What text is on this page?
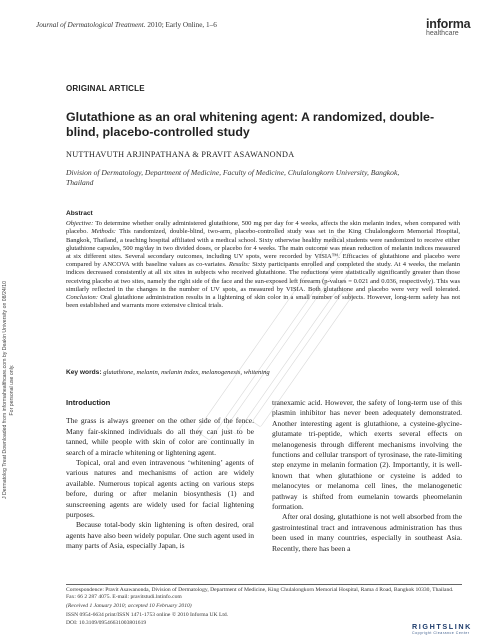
Journal of Dermatological Treatment. 2010; Early Online, 1–6	informa
healthcare
J Dermatolog Treat Downloaded from informahealthcare.com by Deakin University on 08/24/10 For personal use only.
ORIGINAL ARTICLE
Glutathione as an oral whitening agent: A randomized, double-blind, placebo-controlled study
NUTTHAVUTH ARJINPATHANA & PRAVIT ASAWANONDA
Division of Dermatology, Department of Medicine, Faculty of Medicine, Chulalongkorn University, Bangkok, Thailand
Abstract
Objective: To determine whether orally administered glutathione, 500 mg per day for 4 weeks, affects the skin melanin index, when compared with placebo. Methods: This randomized, double-blind, two-arm, placebo-controlled study was set in the King Chulalongkorn Memorial Hospital, Bangkok, Thailand, a teaching hospital affiliated with a medical school. Sixty otherwise healthy medical students were randomized to receive either glutathione capsules, 500 mg/day in two divided doses, or placebo for 4 weeks. The main outcome was mean reduction of melanin indices measured at six different sites. Several secondary outcomes, including UV spots, were recorded by VISIA™. Efficacies of glutathione and placebo were compared by ANCOVA with baseline values as co-variates. Results: Sixty participants enrolled and completed the study. At 4 weeks, the melanin indices decreased consistently at all six sites in subjects who received glutathione. The reductions were statistically significantly greater than those receiving placebo at two sites, namely the right side of the face and the sun-exposed left forearm (p-values = 0.021 and 0.036, respectively). This was similarly reflected in the changes in the number of UV spots, as measured by VISIA. Both glutathione and placebo were very well tolerated. Conclusion: Oral glutathione administration results in a lightening of skin color in a small number of subjects. However, long-term safety has not been established and warrants more extensive clinical trials.
Key words: glutathione, melanin, melanin index, melanogenesis, whitening
Introduction

The grass is always greener on the other side of the fence. Many fair-skinned individuals do all they can just to be tanned, while people with skin of color are continually in search of a miracle whitening or lightening agent.

Topical, oral and even intravenous ‘whitening’ agents of various natures and mechanisms of action are widely available. Numerous topical agents acting on various steps before, during or after melanin biosynthesis (1) and sunscreening agents are widely used for facial lightening purposes.

Because total-body skin lightening is often desired, oral agents have also been widely popular. One such agent used in many parts of Asia, especially Japan, is

tranexamic acid. However, the safety of long-term use of this plasmin inhibitor has never been adequately demonstrated. Another interesting agent is glutathione, a cysteine-glycine-glutamate tri-peptide, which exerts several effects on melanogenesis through different mechanisms involving the functions and cellular transport of tyrosinase, the rate-limiting step enzyme in melanin formation (2). Importantly, it is well-known that when glutathione or cysteine is added to melanocytes or melanoma cell lines, the melanogenetic pathway is shifted from eumelanin towards pheomelanin formation.

After oral dosing, glutathione is not well absorbed from the gastrointestinal tract and intravenous administration has thus been used in many countries, especially in southeast Asia. Recently, there has been a

Correspondence: Pravit Asawanonda, Division of Dermatology, Department of Medicine, King Chulalongkorn Memorial Hospital, Rama 4 Road, Bangkok 10330, Thailand. Fax: 66 2 287 4075. E-mail: pravitstudi.lntinfo.com
(Received 1 January 2010; accepted 10 February 2010)
ISSN 0954-6634 print/ISSN 1471-1753 online © 2010 Informa UK Ltd.
DOI: 10.3109/09546631003801619	RIGHTSLINK
Copyright Clearance Center
